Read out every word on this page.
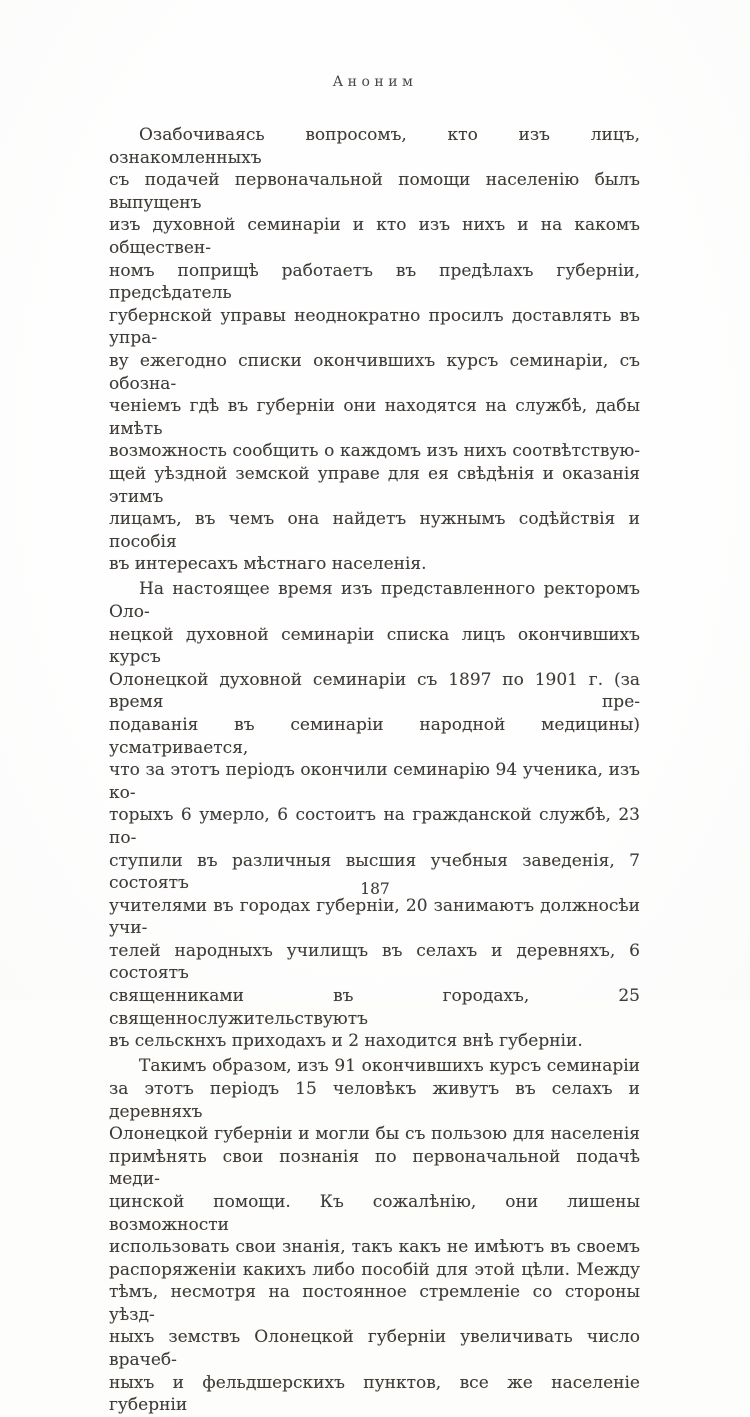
Аноним
Озабочиваясь вопросомъ, кто изъ лицъ, ознакомленныхъ
съ подачей первоначальной помощи населенію былъ выпущенъ
изъ духовной семинаріи и кто изъ нихъ и на какомъ обществен-
номъ поприщѣ работаетъ въ предѣлахъ губерніи, предсѣдатель
губернской управы неоднократно просилъ доставлять въ упра-
ву ежегодно списки окончившихъ курсъ семинаріи, съ обозна-
ченіемъ гдѣ въ губерніи они находятся на службѣ, дабы имѣть
возможность сообщить о каждомъ изъ нихъ соотвѣтствую-
щей уѣздной земской управе для ея свѣдѣнія и оказанія этимъ
лицамъ, въ чемъ она найдетъ нужнымъ содѣйствія и пособія
въ интересахъ мѣстнаго населенія.
На настоящее время изъ представленного ректоромъ Оло-
нецкой духовной семинаріи списка лицъ окончившихъ курсъ
Олонецкой духовной семинаріи съ 1897 по 1901 г. (за время пре-
подаванія въ семинаріи народной медицины) усматривается,
что за этотъ періодъ окончили семинарію 94 ученика, изъ ко-
торыхъ 6 умерло, 6 состоитъ на гражданской службѣ, 23 по-
ступили въ различныя высшия учебныя заведенія, 7 состоятъ
учителями въ городах губерніи, 20 занимаютъ должносѣи учи-
телей народныхъ училищъ въ селахъ и деревняхъ, 6 состоятъ
священниками въ городахъ, 25 священнослужительствуютъ
въ сельскнхъ приходахъ и 2 находится внѣ губерніи.
Такимъ образом, изъ 91 окончившихъ курсъ семинаріи
за этотъ періодъ 15 человѣкъ живутъ въ селахъ и деревняхъ
Олонецкой губерніи и могли бы съ пользою для населенія
примѣнять свои познанія по первоначальной подачѣ меди-
цинской помощи. Къ сожалѣнію, они лишены возможности
использовать свои знанія, такъ какъ не имѣютъ въ своемъ
распоряженіи какихъ либо пособій для этой цѣли. Между
тѣмъ, несмотря на постоянное стремленіе со стороны уѣзд-
ныхъ земствъ Олонецкой губерніи увеличивать число врачеб-
ныхъ и фельдшерскихъ пунктов, все же населеніе губерніи
187
